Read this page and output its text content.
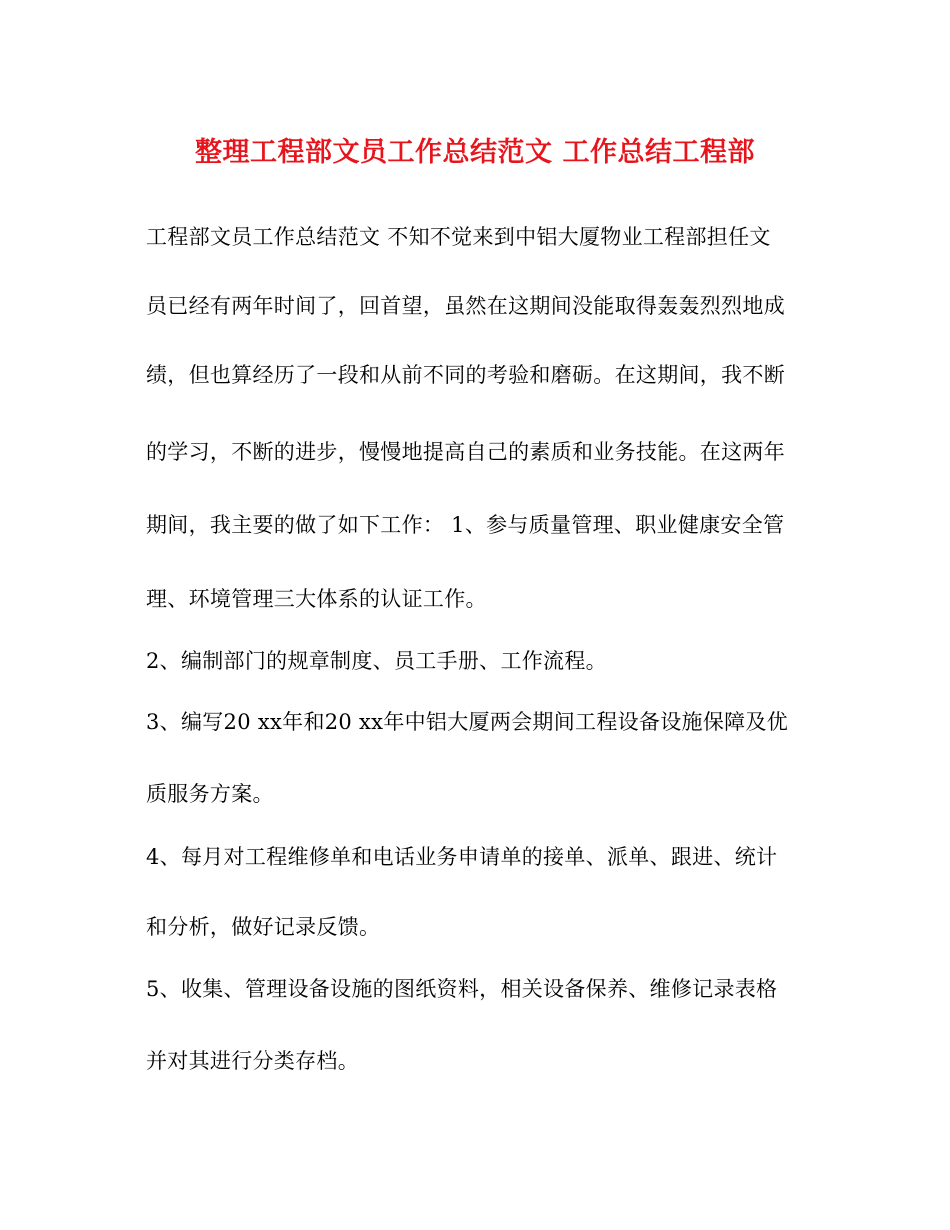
整理工程部文员工作总结范文 工作总结工程部
工程部文员工作总结范文 不知不觉来到中铝大厦物业工程部担任文
员已经有两年时间了，回首望，虽然在这期间没能取得轰轰烈烈地成
绩，但也算经历了一段和从前不同的考验和磨砺。在这期间，我不断
的学习，不断的进步，慢慢地提高自己的素质和业务技能。在这两年
期间，我主要的做了如下工作： 1、参与质量管理、职业健康安全管
理、环境管理三大体系的认证工作。
2、编制部门的规章制度、员工手册、工作流程。
3、编写20 xx年和20 xx年中铝大厦两会期间工程设备设施保障及优
质服务方案。
4、每月对工程维修单和电话业务申请单的接单、派单、跟进、统计
和分析，做好记录反馈。
5、收集、管理设备设施的图纸资料，相关设备保养、维修记录表格
并对其进行分类存档。
